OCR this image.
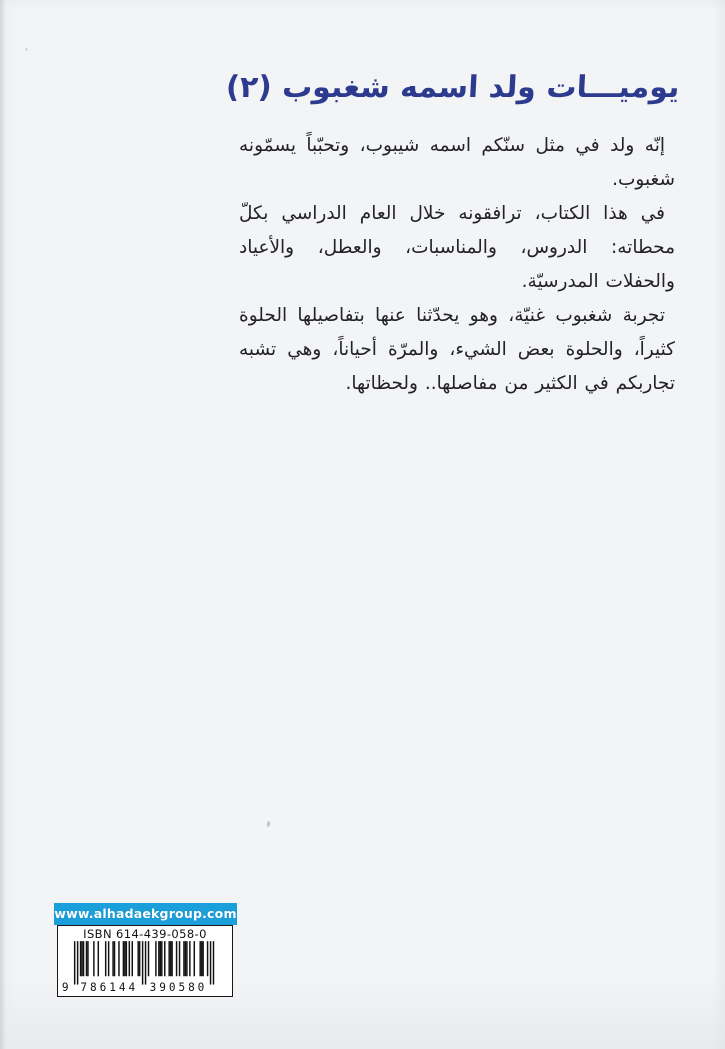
يوميـــات ولد اسمه شغبوب (٢)

إنّه ولد في مثل سنّكم اسمه شيبوب، وتحبّباً يسمّونه شغبوب.

في هذا الكتاب، ترافقونه خلال العام الدراسي بكلّ محطاته: الدروس، والمناسبات، والعطل، والأعياد والحفلات المدرسيّة.

تجربة شغبوب غنيّة، وهو يحدّثنا عنها بتفاصيلها الحلوة كثيراً، والحلوة بعض الشيء، والمرّة أحياناً، وهي تشبه تجاربكم في الكثير من مفاصلها.. ولحظاتها.

www.alhadaekgroup.com
ISBN 614-439-058-0
9 786144 390580
